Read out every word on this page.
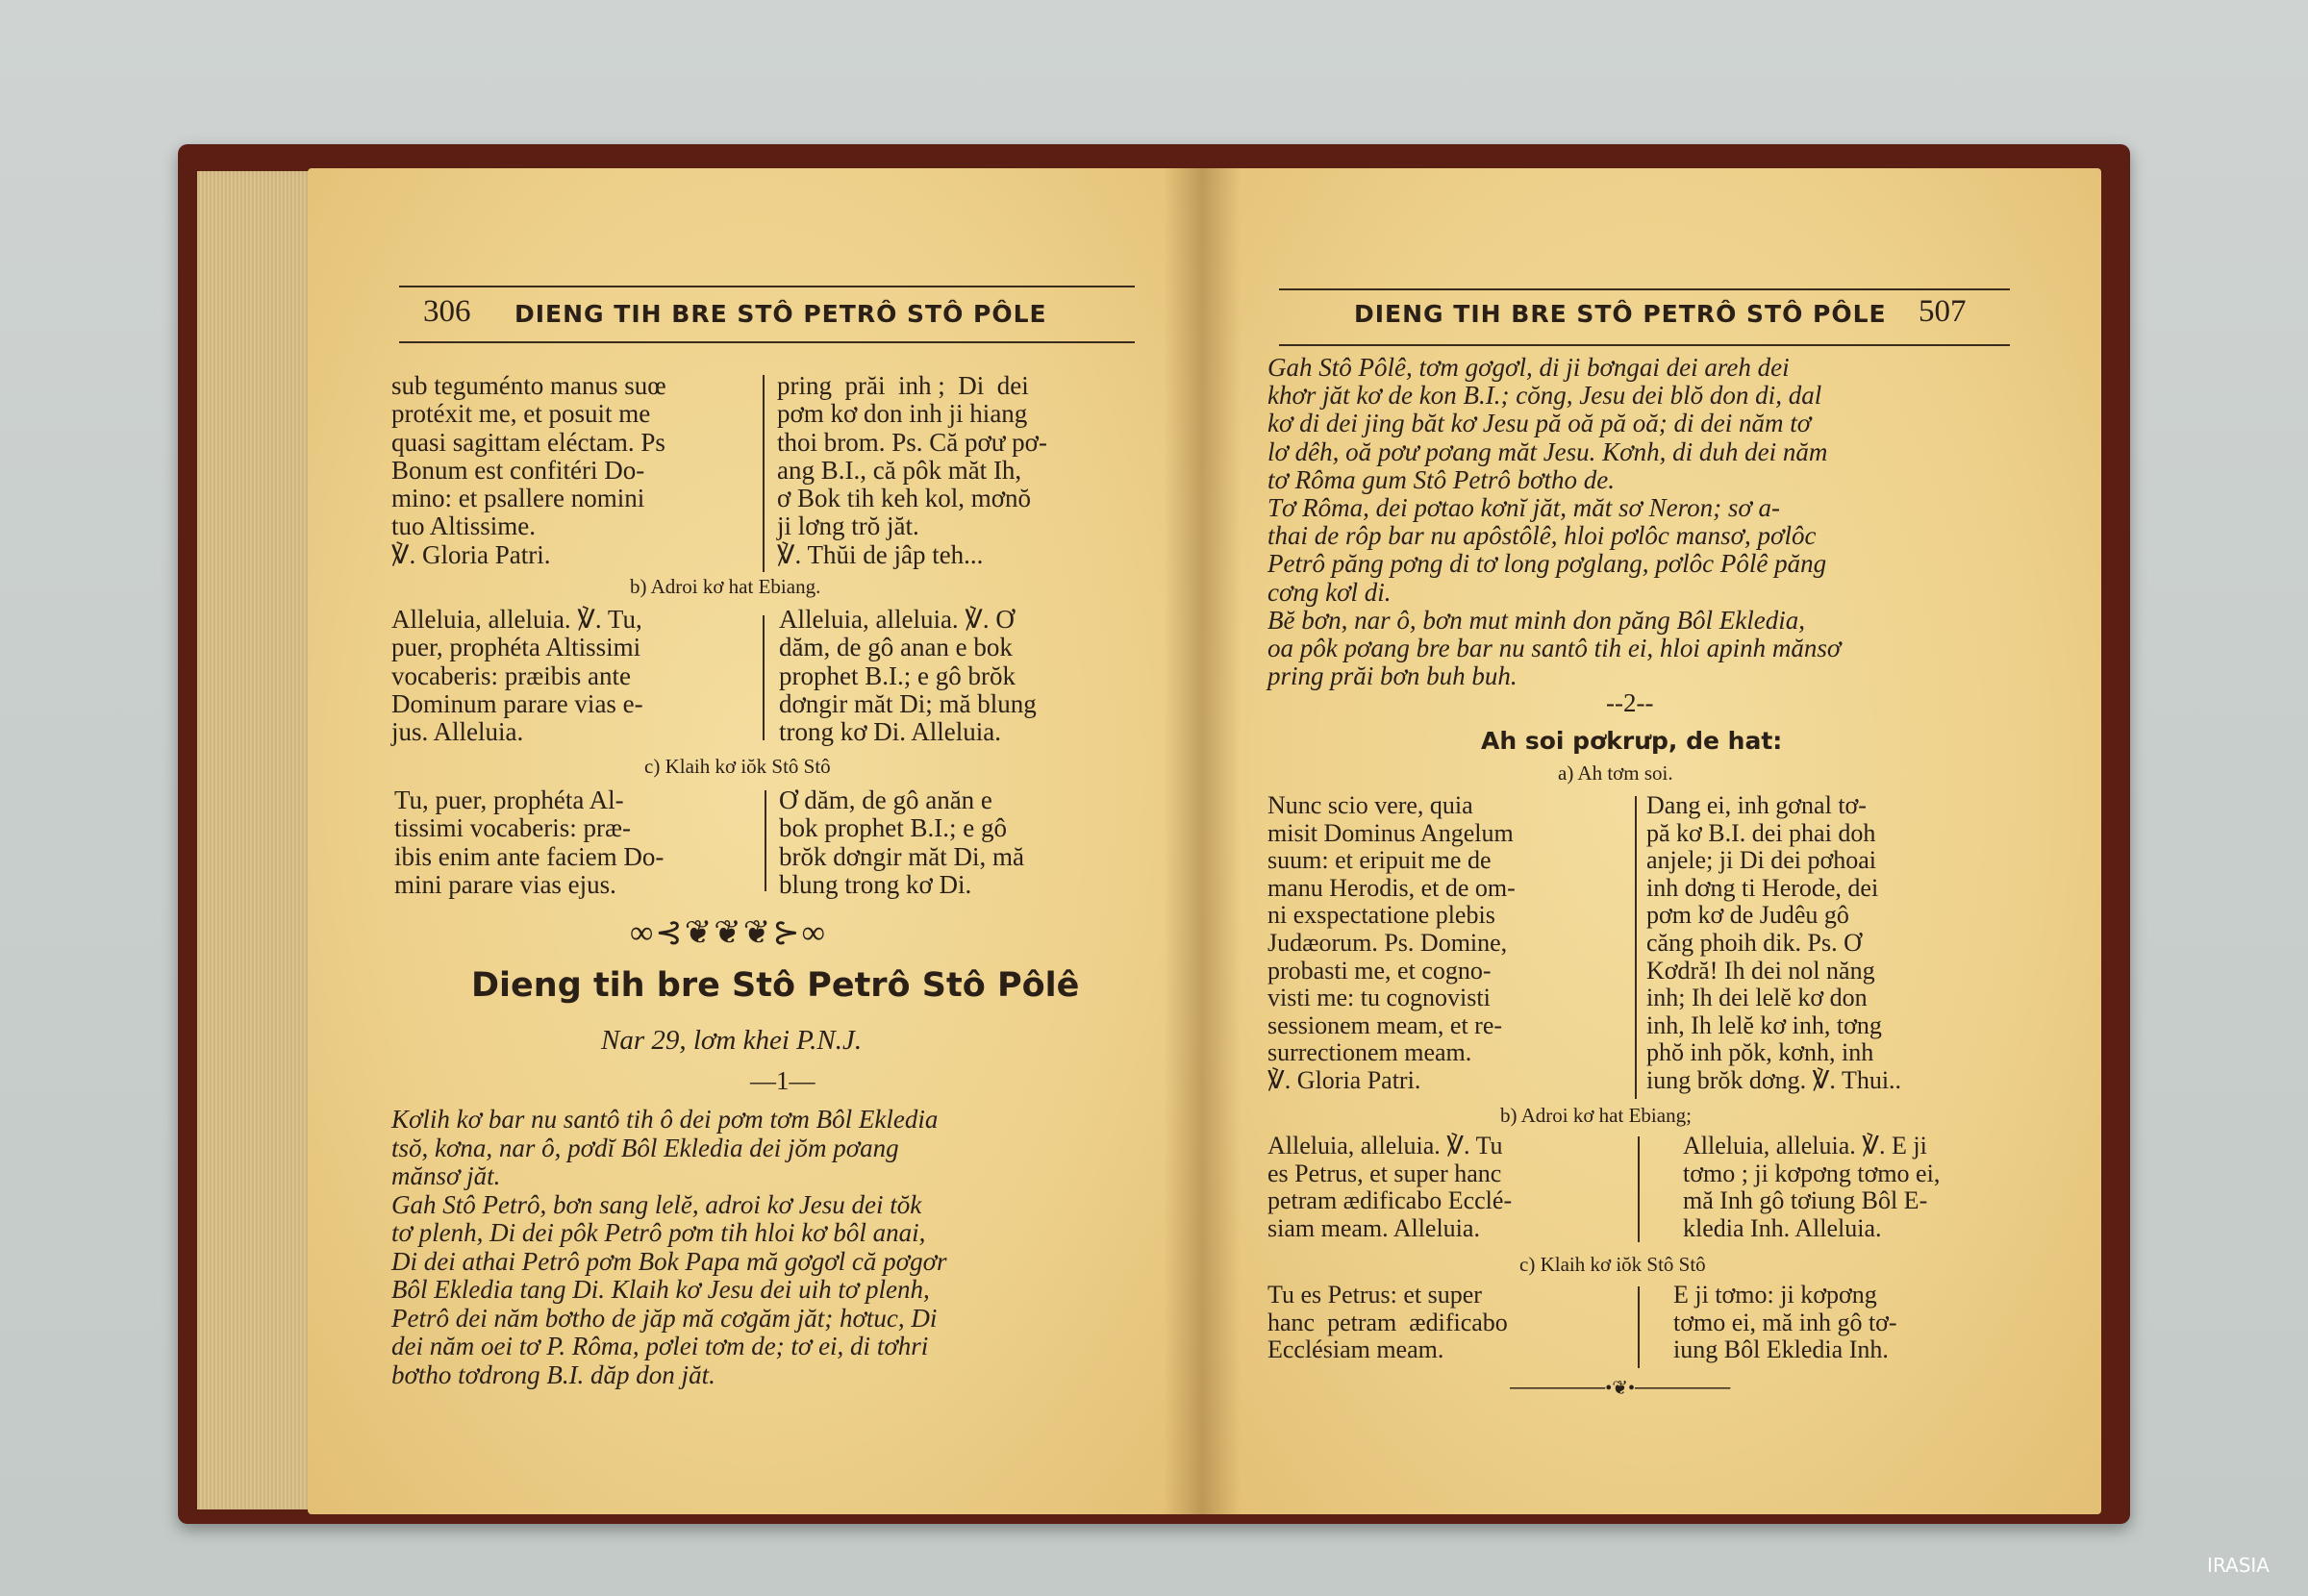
306 DIENG TIH BRE STÔ PETRÔ STÔ PÔLE
sub teguménto manus suœ
protéxit me, et posuit me
quasi sagittam eléctam. Ps
Bonum est confitéri Do-
mino: et psallere nomini
tuo Altissime.
℣. Gloria Patri.
pring  prăi  inh ;  Di  dei
pơm kơ don inh ji hiang
thoi brom. Ps. Că pơư pơ-
ang B.I., că pôk măt Ih,
ơ Bok tih keh kol, mơnŏ
ji lơng trŏ jăt.
℣. Thŭi de jâp teh...
b) Adroi kơ hat Ebiang.
Alleluia, alleluia. ℣. Tu,
puer, prophéta Altissimi
vocaberis: præibis ante
Dominum parare vias e-
jus. Alleluia.
Alleluia, alleluia. ℣. Ơ
dăm, de gô anan e bok
prophet B.I.; e gô brŏk
dơngir măt Di; mă blung
trong kơ Di. Alleluia.
c) Klaih kơ iŏk Stô Stô
Tu, puer, prophéta Al-
tissimi vocaberis: præ-
ibis enim ante faciem Do-
mini parare vias ejus.
Ơ dăm, de gô anăn e
bok prophet B.I.; e gô
brŏk dơngir măt Di, mă
blung trong kơ Di.
∞⊰❦❦❦⊱∞
Dieng tih bre Stô Petrô Stô Pôlê
Nar 29, lơm khei P.N.J.
—1—
Kơlih kơ bar nu santô tih ô dei pơm tơm Bôl Ekledia
tsŏ, kơna, nar ô, pơdĭ Bôl Ekledia dei jŏm pơang
mănsơ jăt.
Gah Stô Petrô, bơn sang lelĕ, adroi kơ Jesu dei tŏk
tơ plenh, Di dei pôk Petrô pơm tih hloi kơ bôl anai,
Di dei athai Petrô pơm Bok Papa mă gơgơl că pơgơr
Bôl Ekledia tang Di. Klaih kơ Jesu dei uih tơ plenh,
Petrô dei năm bơtho de jăp mă cơgăm jăt; hơtuc, Di
dei năm oei tơ P. Rôma, pơlei tơm de; tơ ei, di tơhri
bơtho tơdrong B.I. dăp don jăt.
DIENG TIH BRE STÔ PETRÔ STÔ PÔLE 507
Gah Stô Pôlê, tơm gơgơl, di ji bơngai dei areh dei
khơr jăt kơ de kon B.I.; cŏng, Jesu dei blŏ don di, dal
kơ di dei jing băt kơ Jesu pă oă pă oă; di dei năm tơ
lơ dêh, oă pơư pơang măt Jesu. Kơnh, di duh dei năm
tơ Rôma gum Stô Petrô bơtho de.
Tơ Rôma, dei pơtao kơnĭ jăt, măt sơ Neron; sơ a-
thai de rôp bar nu apôstôlê, hloi pơlôc mansơ, pơlôc
Petrô păng pơng di tơ long pơglang, pơlôc Pôlê păng
cơng kơl di.
Bĕ bơn, nar ô, bơn mut minh don păng Bôl Ekledia,
oa pôk pơang bre bar nu santô tih ei, hloi apinh mănsơ
pring prăi bơn buh buh.
--2--
Ah soi pơkrưp, de hat:
a) Ah tơm soi.
Nunc scio vere, quia
misit Dominus Angelum
suum: et eripuit me de
manu Herodis, et de om-
ni exspectatione plebis
Judæorum. Ps. Domine,
probasti me, et cogno-
visti me: tu cognovisti
sessionem meam, et re-
surrectionem meam.
℣. Gloria Patri.
Dang ei, inh gơnal tơ-
pă kơ B.I. dei phai doh
anjele; ji Di dei pơhoai
inh dơng ti Herode, dei
pơm kơ de Judêu gô
căng phoih dik. Ps. Ơ
Kơdră! Ih dei nol năng
inh; Ih dei lelĕ kơ don
inh, Ih lelĕ kơ inh, tơng
phŏ inh pŏk, kơnh, inh
iung brŏk dơng. ℣. Thui..
b) Adroi kơ hat Ebiang;
Alleluia, alleluia. ℣. Tu
es Petrus, et super hanc
petram ædificabo Ecclé-
siam meam. Alleluia.
Alleluia, alleluia. ℣. E ji
tơmo ; ji kơpơng tơmo ei,
mă Inh gô tơiung Bôl E-
kledia Inh. Alleluia.
c) Klaih kơ iŏk Stô Stô
Tu es Petrus: et super
hanc  petram  ædificabo
Ecclésiam meam.
E ji tơmo: ji kơpơng
tơmo ei, mă inh gô tơ-
iung Bôl Ekledia Inh.
───────•❦•───────
IRASIA
